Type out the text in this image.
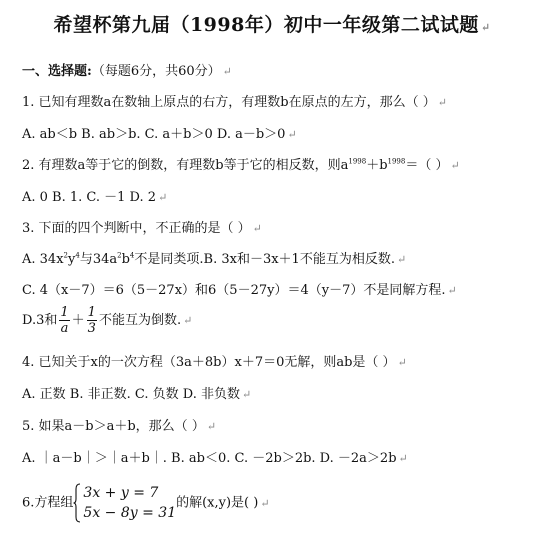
希望杯第九届（1998年）初中一年级第二试试题 ↵
一、选择题:（每题6分，共60分） ↵
1. 已知有理数a在数轴上原点的右方，有理数b在原点的左方，那么（ ） ↵
A. ab＜b B. ab＞b. C. a＋b＞0 D. a－b＞0 ↵
2. 有理数a等于它的倒数，有理数b等于它的相反数，则$a^{1998}+b^{1998}=$（ ） ↵
A. 0 B. 1. C. －1 D. 2 ↵
3. 下面的四个判断中，不正确的是（ ） ↵
A. $34x^2y^4$与$34a^2b^4$不是同类项.B. 3x和－3x＋1不能互为相反数. ↵
C. 4（x－7）＝6（5－27x）和6（5－27y）＝4（y－7）不是同解方程. ↵
D.3和 $\frac{1}{a} + \frac{1}{3}$ 不能互为倒数. ↵
4. 已知关于x的一次方程（3a＋8b）x＋7＝0无解，则ab是（ ） ↵
A. 正数 B. 非正数. C. 负数 D. 非负数 ↵
5. 如果a－b＞a＋b，那么（ ） ↵
A. ｜a－b｜＞｜a＋b｜. B. ab＜0. C. －2b＞2b. D. －2a＞2b ↵
6.方程组
3x + y = 7
5x − 8y = 31
的解(x,y)是( ) ↵
